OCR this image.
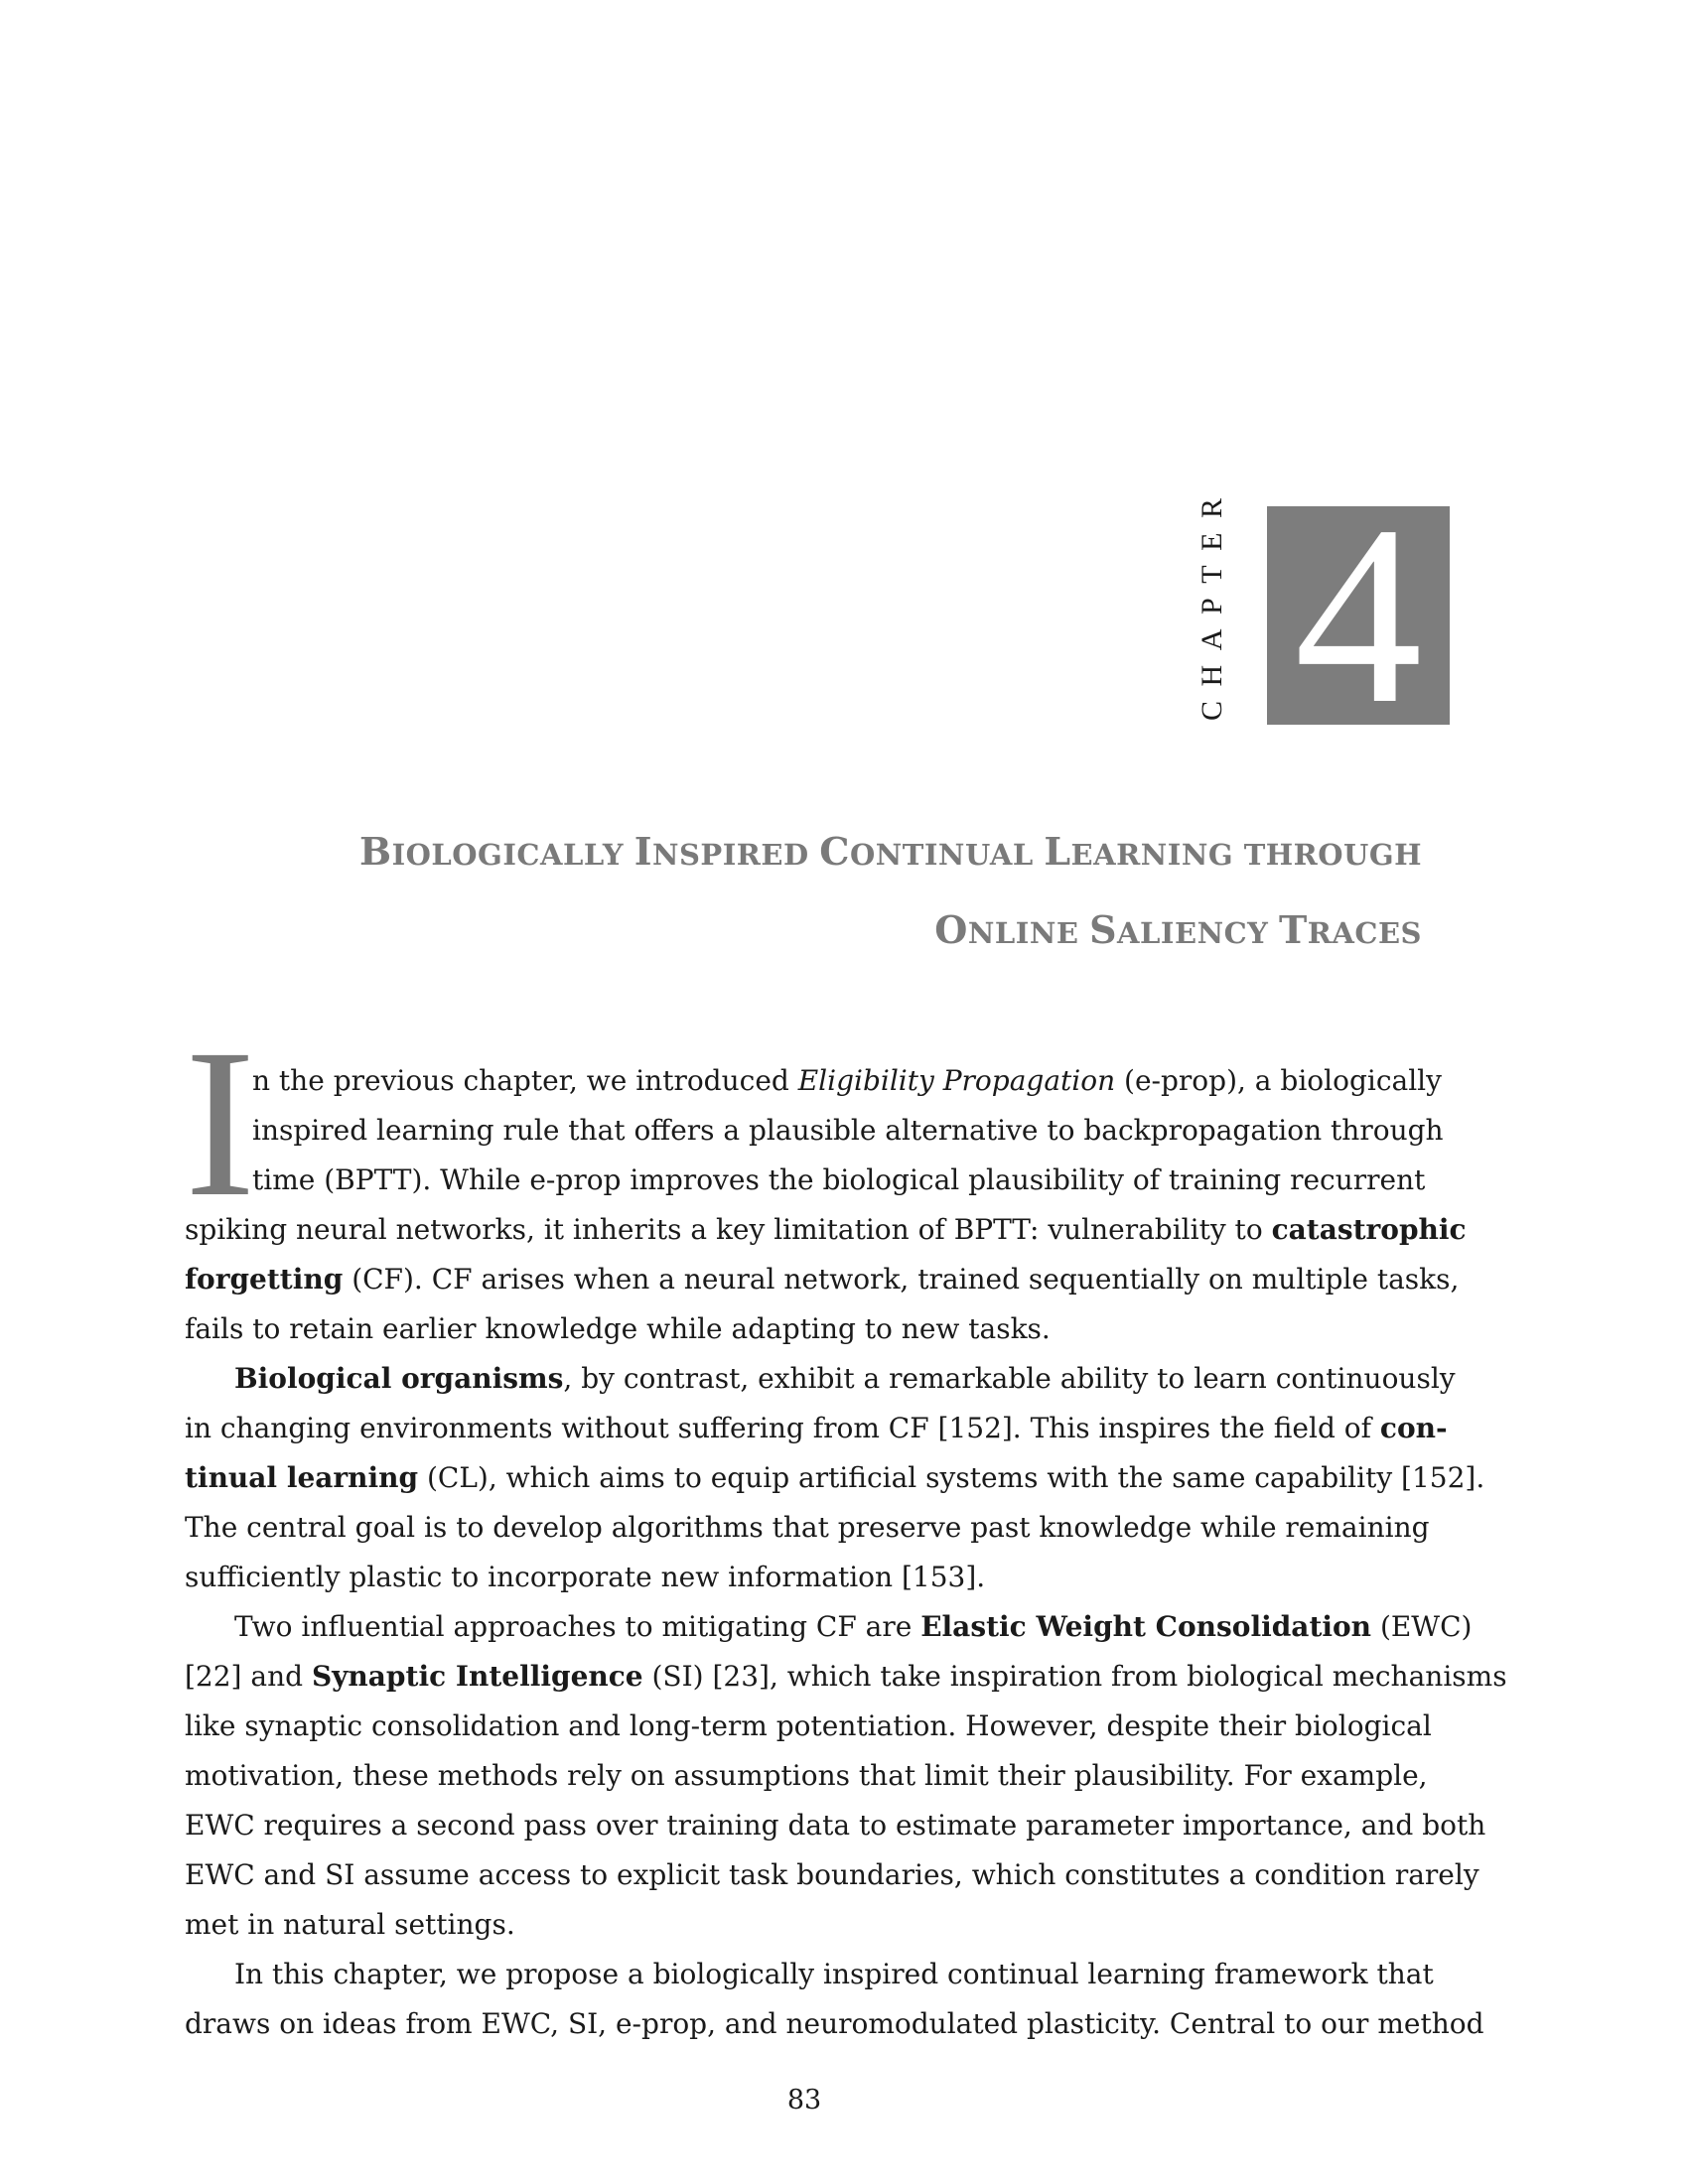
CHAPTER 4
BIOLOGICALLY INSPIRED CONTINUAL LEARNING THROUGH
ONLINE SALIENCY TRACES
I
n the previous chapter, we introduced Eligibility Propagation (e-prop), a biologically
inspired learning rule that offers a plausible alternative to backpropagation through
time (BPTT). While e-prop improves the biological plausibility of training recurrent
spiking neural networks, it inherits a key limitation of BPTT: vulnerability to catastrophic
forgetting (CF). CF arises when a neural network, trained sequentially on multiple tasks,
fails to retain earlier knowledge while adapting to new tasks.
Biological organisms, by contrast, exhibit a remarkable ability to learn continuously
in changing environments without suffering from CF [152]. This inspires the field of con-
tinual learning (CL), which aims to equip artificial systems with the same capability [152].
The central goal is to develop algorithms that preserve past knowledge while remaining
sufficiently plastic to incorporate new information [153].
Two influential approaches to mitigating CF are Elastic Weight Consolidation (EWC)
[22] and Synaptic Intelligence (SI) [23], which take inspiration from biological mechanisms
like synaptic consolidation and long-term potentiation. However, despite their biological
motivation, these methods rely on assumptions that limit their plausibility. For example,
EWC requires a second pass over training data to estimate parameter importance, and both
EWC and SI assume access to explicit task boundaries, which constitutes a condition rarely
met in natural settings.
In this chapter, we propose a biologically inspired continual learning framework that
draws on ideas from EWC, SI, e-prop, and neuromodulated plasticity. Central to our method
83
